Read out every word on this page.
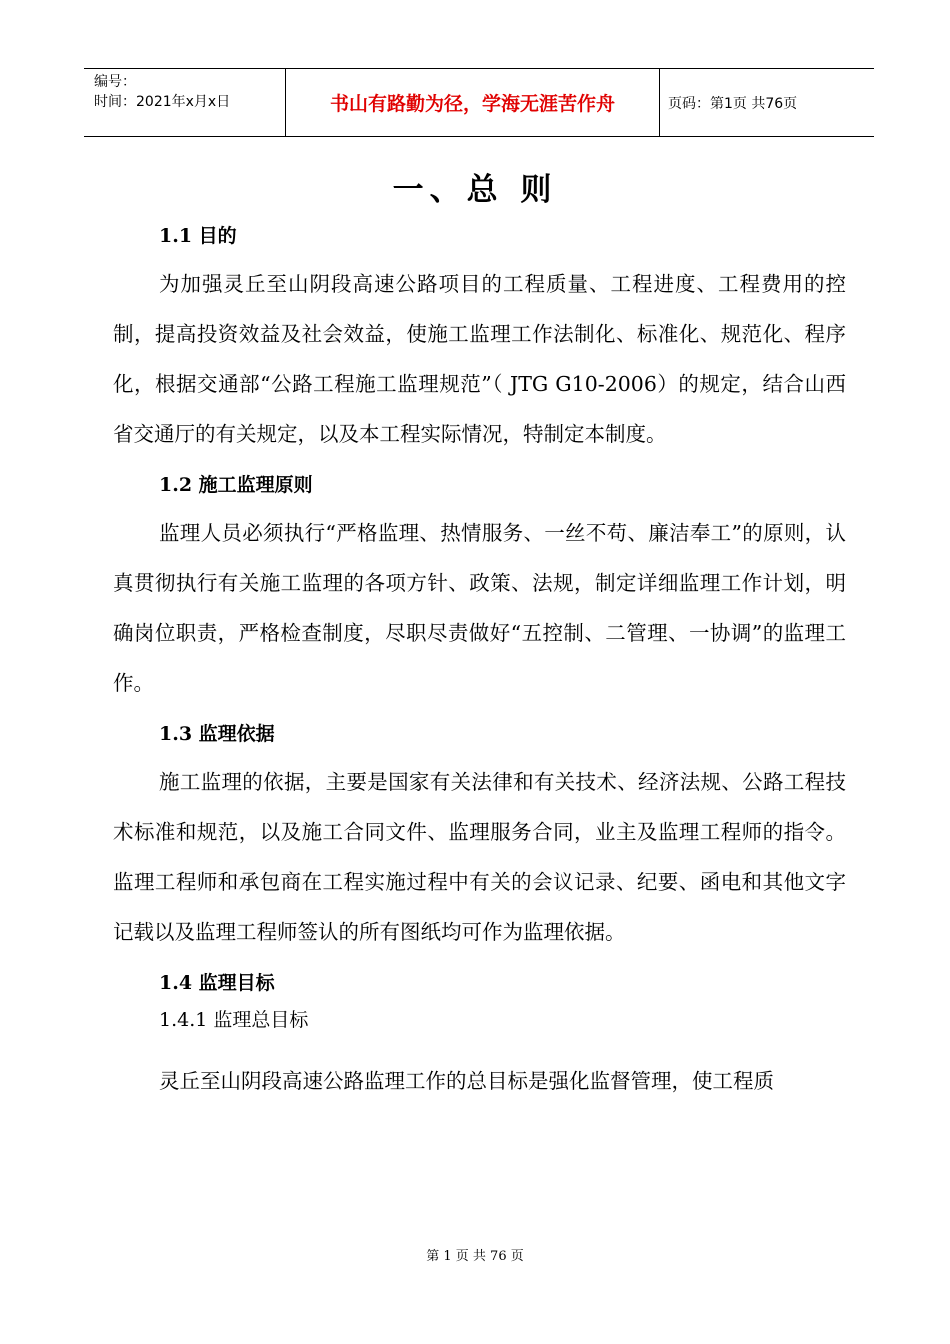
编号：
时间：2021年x月x日	书山有路勤为径，学海无涯苦作舟	页码：第1页 共76页
一、总 则
1.1 目的

为加强灵丘至山阴段高速公路项目的工程质量、工程进度、工程费用的控制，提高投资效益及社会效益，使施工监理工作法制化、标准化、规范化、程序化，根据交通部“公路工程施工监理规范”（ JTG G10-2006）的规定，结合山西省交通厅的有关规定，以及本工程实际情况，特制定本制度。

1.2 施工监理原则

监理人员必须执行“严格监理、热情服务、一丝不苟、廉洁奉工”的原则，认真贯彻执行有关施工监理的各项方针、政策、法规，制定详细监理工作计划，明确岗位职责，严格检查制度，尽职尽责做好“五控制、二管理、一协调”的监理工作。

1.3 监理依据

施工监理的依据，主要是国家有关法律和有关技术、经济法规、公路工程技术标准和规范，以及施工合同文件、监理服务合同，业主及监理工程师的指令。监理工程师和承包商在工程实施过程中有关的会议记录、纪要、函电和其他文字记载以及监理工程师签认的所有图纸均可作为监理依据。

1.4 监理目标
1.4.1 监理总目标

灵丘至山阴段高速公路监理工作的总目标是强化监督管理，使工程质

第 1 页 共 76 页
